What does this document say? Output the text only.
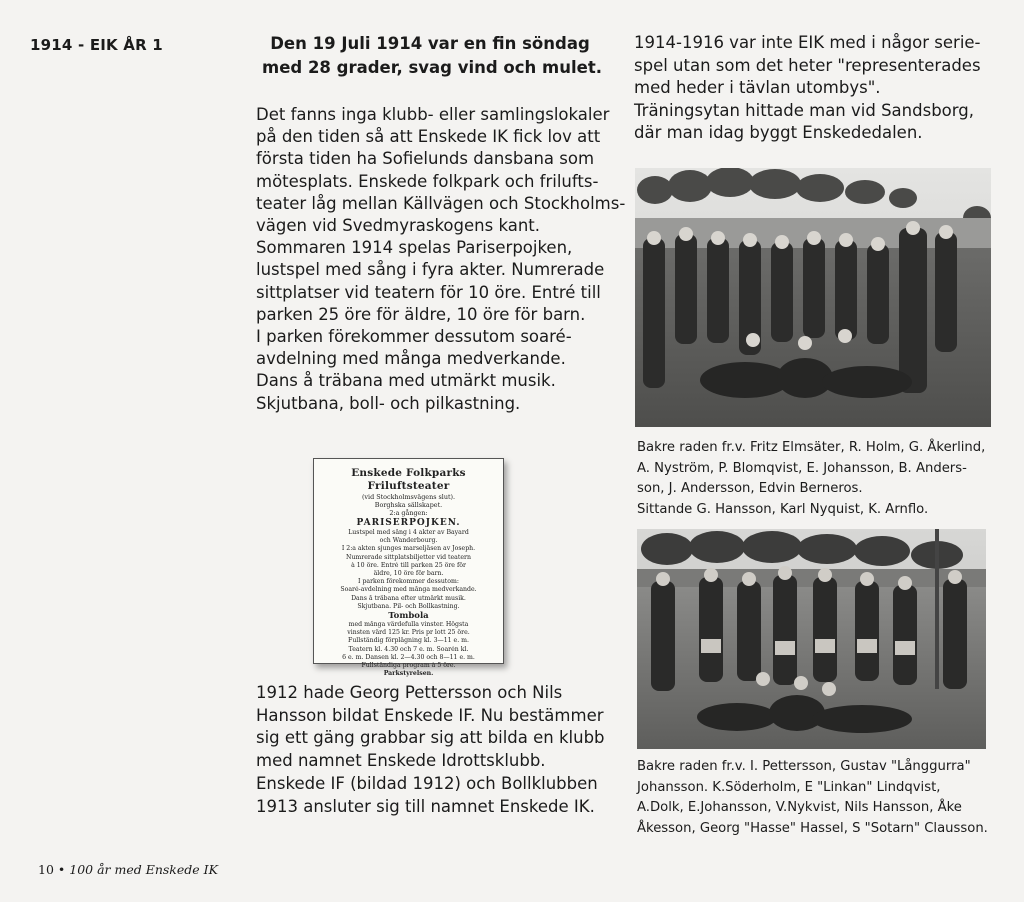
1914 - EIK ÅR 1	Den 19 Juli 1914 var en fin söndag
med 28 grader, svag vind och mulet.
Det fanns inga klubb- eller samlingslokaler
på den tiden så att Enskede IK fick lov att
första tiden ha Sofielunds dansbana som
mötesplats. Enskede folkpark och frilufts-
teater låg mellan Källvägen och Stockholms-
vägen vid Svedmyraskogens kant.
Sommaren 1914 spelas Pariserpojken,
lustspel med sång i fyra akter. Numrerade
sittplatser vid teatern för 10 öre. Entré till
parken 25 öre för äldre, 10 öre för barn.
I parken förekommer dessutom soaré-
avdelning med många medverkande.
Dans å träbana med utmärkt musik.
Skjutbana, boll- och pilkastning.
Enskede Folkparks Friluftsteater
(vid Stockholmsvägens slut).
Borghska sällskapet.
2:a gången:
PARISERPOJKEN.
Lustspel med sång i 4 akter av Bayard
och Wanderbourg.
I 2:a akten sjunges marseljäsen av Joseph.
Numrerade sittplatsbiljetter vid teatern
à 10 öre. Entré till parken 25 öre för
äldre, 10 öre för barn.
I parken förekommer dessutom:
Soaré-avdelning med många medverkande.
Dans å träbana efter utmärkt musik.
Skjutbana. Pil- och Bollkastning.
Tombola
med många värdefulla vinster. Högsta
vinsten värd 125 kr. Pris pr lott 25 öre.
Fullständig förplägning kl. 3—11 e. m.
Teatern kl. 4.30 och 7 e. m. Soarén kl.
6 e. m. Dansen kl. 2—4.30 och 8—11 e. m.
Fullständiga program à 5 öre.
Parkstyrelsen.
1912 hade Georg Pettersson och Nils
Hansson bildat Enskede IF. Nu bestämmer
sig ett gäng grabbar sig att bilda en klubb
med namnet Enskede Idrottsklubb.
Enskede IF (bildad 1912) och Bollklubben
1913 ansluter sig till namnet Enskede IK.
1914-1916 var inte EIK med i någor serie-
spel utan som det heter "representerades
med heder i tävlan utombys".
Träningsytan hittade man vid Sandsborg,
där man idag byggt Enskededalen.
Bakre raden fr.v. Fritz Elmsäter, R. Holm, G. Åkerlind,
A. Nyström, P. Blomqvist, E. Johansson, B. Anders-
son, J. Andersson, Edvin Berneros.
Sittande G. Hansson, Karl Nyquist, K. Arnflo.
Bakre raden fr.v. I. Pettersson, Gustav "Långgurra"
Johansson. K.Söderholm, E "Linkan" Lindqvist,
A.Dolk, E.Johansson, V.Nykvist, Nils Hansson, Åke
Åkesson, Georg "Hasse" Hassel, S "Sotarn" Clausson.
10 • 100 år med Enskede IK
